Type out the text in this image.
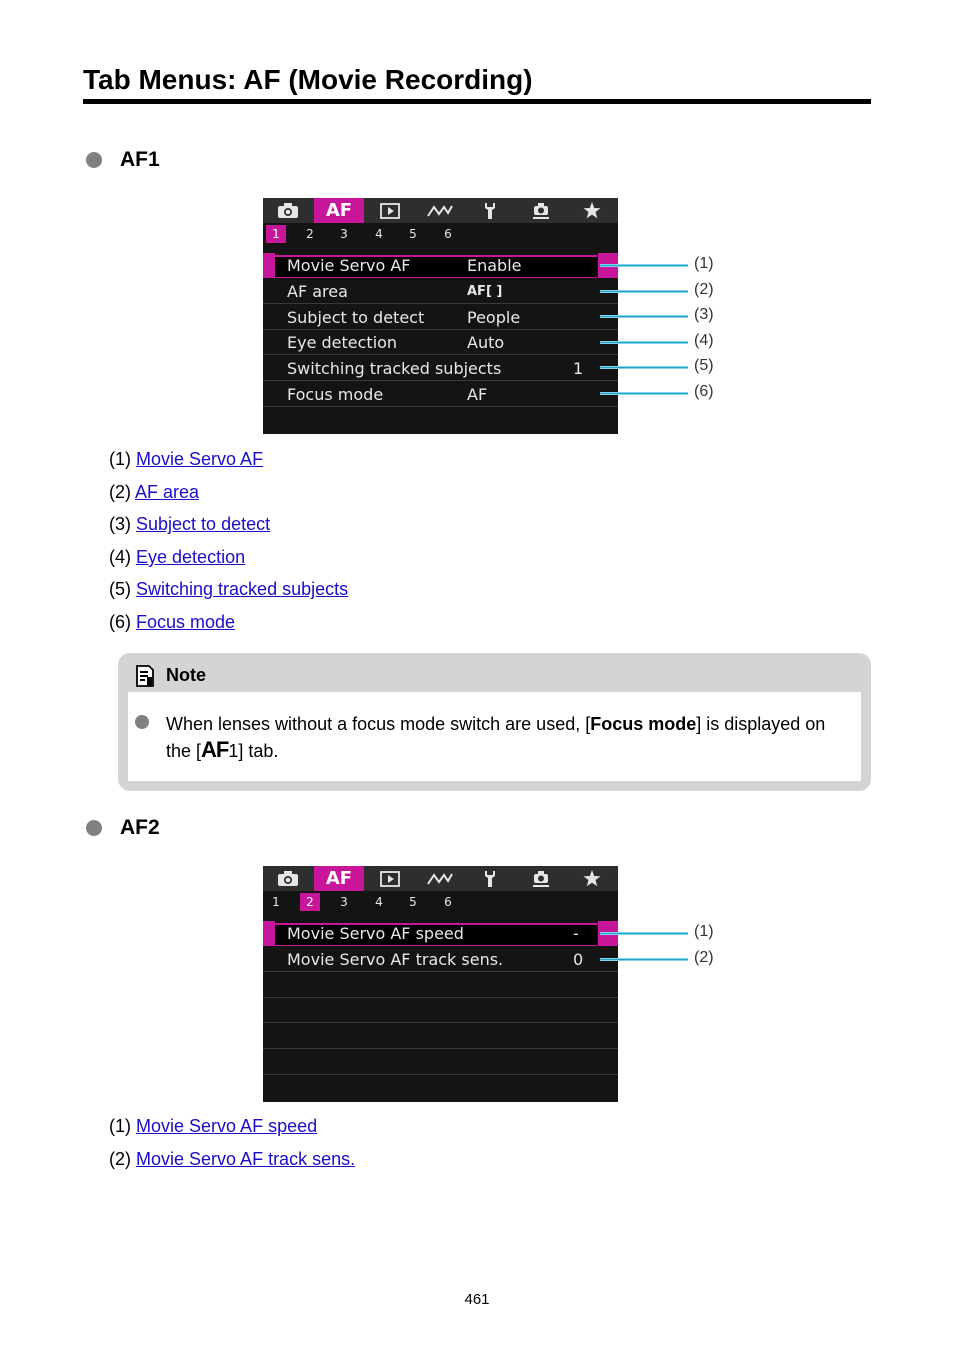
Tab Menus: AF (Movie Recording)
AF1
AF
1	2	3	4	5	6
Movie Servo AF	Enable
AF area	AF[ ]
Subject to detect	People
Eye detection	Auto
Switching tracked subjects	1
Focus mode	AF
(1)
(2)
(3)
(4)
(5)
(6)
(1) Movie Servo AF
(2) AF area
(3) Subject to detect
(4) Eye detection
(5) Switching tracked subjects
(6) Focus mode
Note
When lenses without a focus mode switch are used, [Focus mode] is displayed on the [AF1] tab.
AF2
AF
1	2	3	4	5	6
Movie Servo AF speed	-
Movie Servo AF track sens.	0
(1)
(2)
(1) Movie Servo AF speed
(2) Movie Servo AF track sens.
461
